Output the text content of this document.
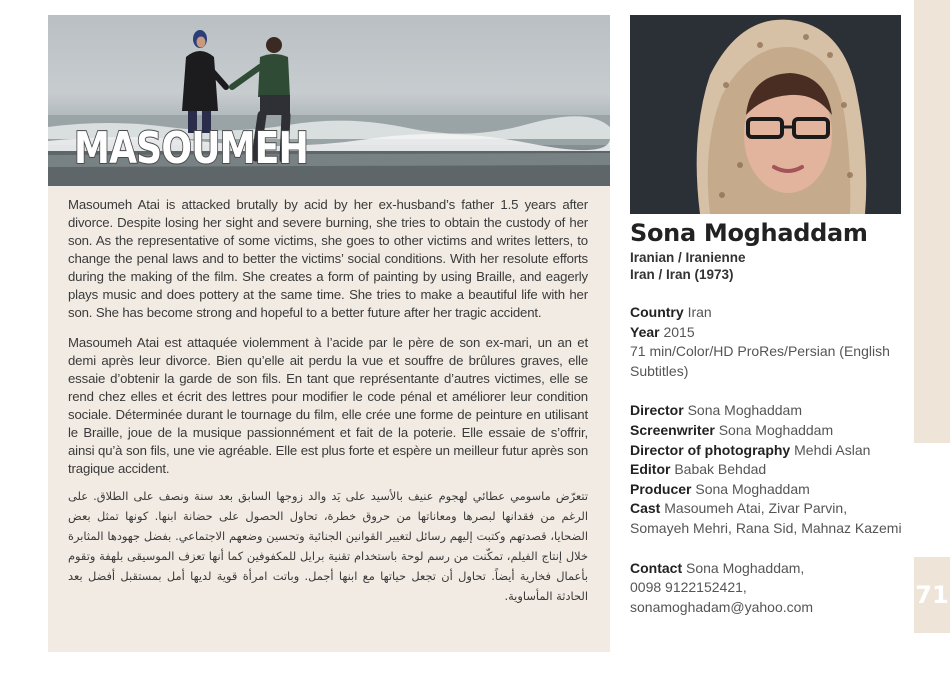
71
MASOUMEH

Masoumeh Atai is attacked brutally by acid by her ex-husband’s father 1.5 years after divorce. Despite losing her sight and severe burning, she tries to obtain the custody of her son. As the representative of some victims, she goes to other victims and writes letters, to change the penal laws and to better the victims’ social conditions. With her resolute efforts during the making of the film. She creates a form of painting by using Braille, and eagerly plays music and does pottery at the same time. She tries to make a beautiful life with her son. She has become strong and hopeful to a better future after her tragic accident.

Masoumeh Atai est attaquée violemment à l’acide par le père de son ex-mari, un an et demi après leur divorce. Bien qu’elle ait perdu la vue et souffre de brûlures graves, elle essaie d’obtenir la garde de son fils. En tant que représentante d’autres victimes, elle se rend chez elles et écrit des lettres pour modifier le code pénal et améliorer leur condition sociale. Déterminée durant le tournage du film, elle crée une forme de peinture en utilisant le Braille, joue de la musique passionnément et fait de la poterie. Elle essaie de s’offrir, ainsi qu’à son fils, une vie agréable. Elle est plus forte et espère un meilleur futur après son tragique accident.

تتعرّض ماسومي عطائي لهجوم عنيف بالأسيد على يَد والد زوجها السابق بعد سنة ونصف على الطلاق. على الرغم من فقدانها لبصرها ومعاناتها من حروق خطرة، تحاول الحصول على حضانة ابنها. كونها تمثل بعض الضحايا، قصدتهم وكتبت إليهم رسائل لتغيير القوانين الجنائية وتحسين وضعهم الاجتماعي. بفضل جهودها المثابرة خلال إنتاج الفيلم، تمكّنت من رسم لوحة باستخدام تقنية برايل للمكفوفين كما أنها تعزف الموسيقى بلهفة وتقوم بأعمال فخارية أيضاً. تحاول أن تجعل حياتها مع ابنها أجمل. وباتت امرأة قوية لديها أمل بمستقبل أفضل بعد الحادثة المأساوية.

Sona Moghaddam
Iranian / Iranienne
Iran / Iran (1973)
Country Iran
Year 2015
71 min/Color/HD ProRes/Persian (English Subtitles)
Director Sona Moghaddam
Screenwriter Sona Moghaddam
Director of photography Mehdi Aslan
Editor Babak Behdad
Producer Sona Moghaddam
Cast Masoumeh Atai, Zivar Parvin, Somayeh Mehri, Rana Sid, Mahnaz Kazemi
Contact Sona Moghaddam,
0098 9122152421,
sonamoghadam@yahoo.com
